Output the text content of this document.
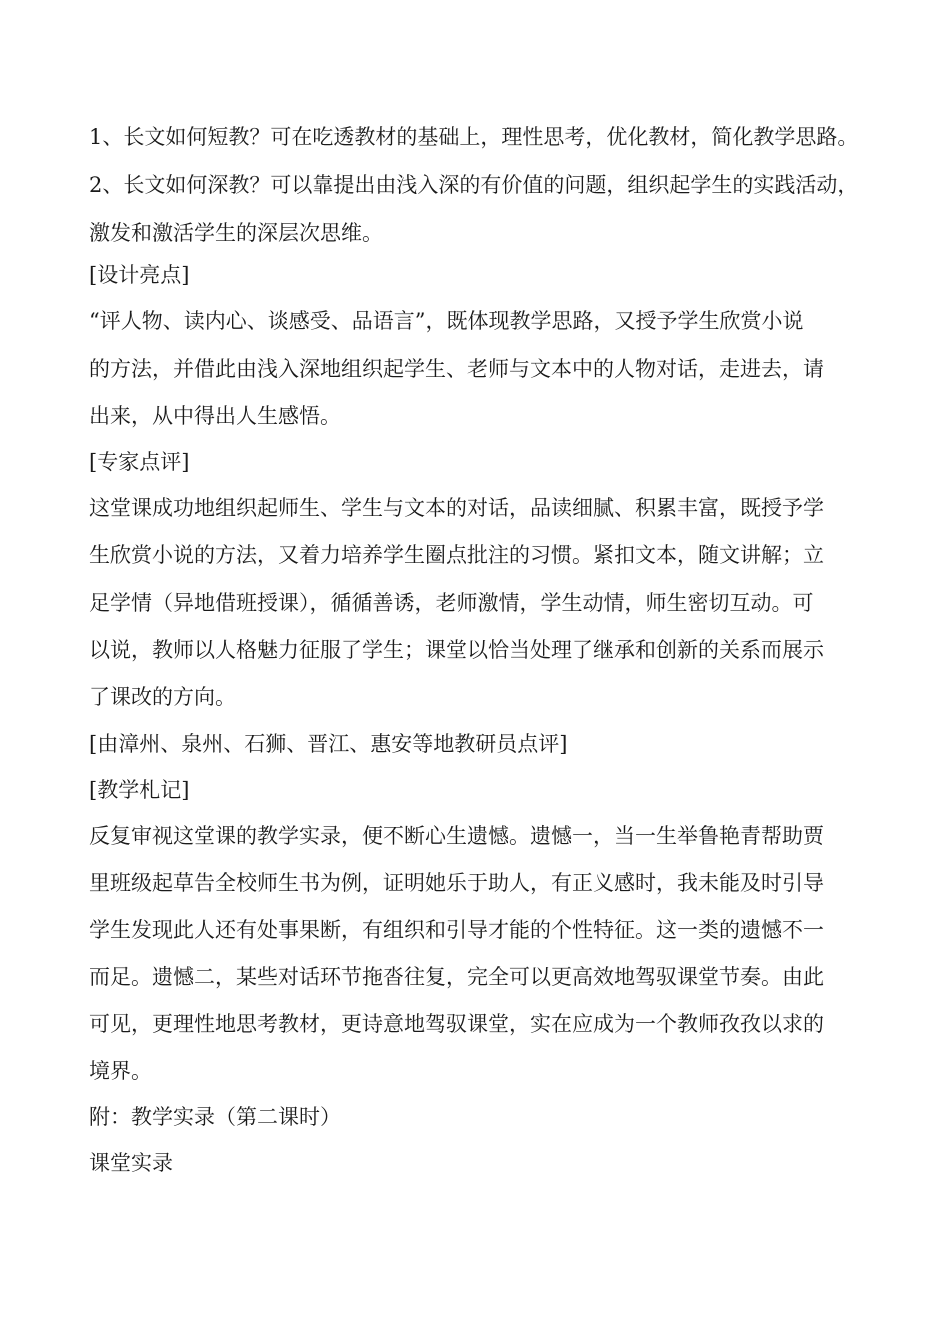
1、长文如何短教？可在吃透教材的基础上，理性思考，优化教材，简化教学思路。
2、长文如何深教？可以靠提出由浅入深的有价值的问题，组织起学生的实践活动，
激发和激活学生的深层次思维。
[设计亮点]
“评人物、读内心、谈感受、品语言”，既体现教学思路，又授予学生欣赏小说
的方法，并借此由浅入深地组织起学生、老师与文本中的人物对话，走进去，请
出来，从中得出人生感悟。
[专家点评]
这堂课成功地组织起师生、学生与文本的对话，品读细腻、积累丰富，既授予学
生欣赏小说的方法，又着力培养学生圈点批注的习惯。紧扣文本，随文讲解；立
足学情（异地借班授课），循循善诱，老师激情，学生动情，师生密切互动。可
以说，教师以人格魅力征服了学生；课堂以恰当处理了继承和创新的关系而展示
了课改的方向。
[由漳州、泉州、石狮、晋江、惠安等地教研员点评]
[教学札记]
反复审视这堂课的教学实录，便不断心生遗憾。遗憾一，当一生举鲁艳青帮助贾
里班级起草告全校师生书为例，证明她乐于助人，有正义感时，我未能及时引导
学生发现此人还有处事果断，有组织和引导才能的个性特征。这一类的遗憾不一
而足。遗憾二，某些对话环节拖沓往复，完全可以更高效地驾驭课堂节奏。由此
可见，更理性地思考教材，更诗意地驾驭课堂，实在应成为一个教师孜孜以求的
境界。
附：教学实录（第二课时）
课堂实录
